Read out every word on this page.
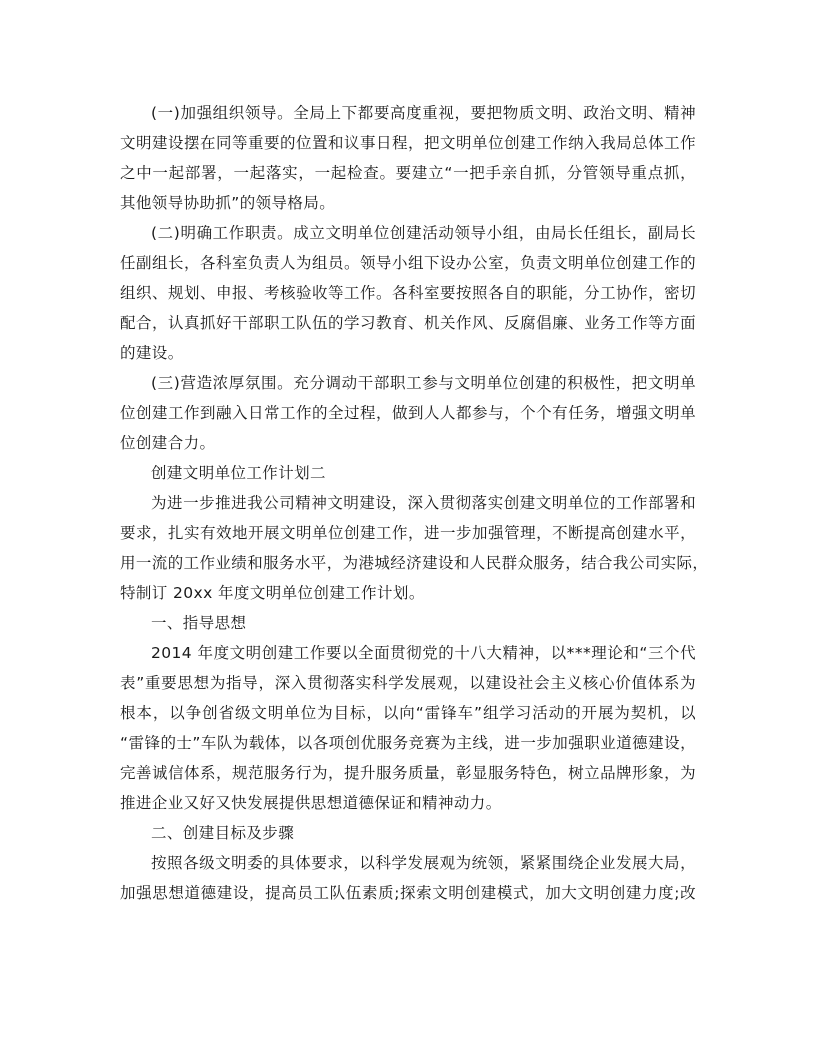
(一)加强组织领导。全局上下都要高度重视，要把物质文明、政治文明、精神
文明建设摆在同等重要的位置和议事日程，把文明单位创建工作纳入我局总体工作
之中一起部署，一起落实，一起检查。要建立“一把手亲自抓，分管领导重点抓，
其他领导协助抓”的领导格局。

(二)明确工作职责。成立文明单位创建活动领导小组，由局长任组长，副局长
任副组长，各科室负责人为组员。领导小组下设办公室，负责文明单位创建工作的
组织、规划、申报、考核验收等工作。各科室要按照各自的职能，分工协作，密切
配合，认真抓好干部职工队伍的学习教育、机关作风、反腐倡廉、业务工作等方面
的建设。

(三)营造浓厚氛围。充分调动干部职工参与文明单位创建的积极性，把文明单
位创建工作到融入日常工作的全过程，做到人人都参与，个个有任务，增强文明单
位创建合力。

创建文明单位工作计划二

为进一步推进我公司精神文明建设，深入贯彻落实创建文明单位的工作部署和
要求，扎实有效地开展文明单位创建工作，进一步加强管理，不断提高创建水平，
用一流的工作业绩和服务水平，为港城经济建设和人民群众服务，结合我公司实际，
特制订 20xx 年度文明单位创建工作计划。

一、指导思想

2014 年度文明创建工作要以全面贯彻党的十八大精神，以***理论和“三个代
表”重要思想为指导，深入贯彻落实科学发展观，以建设社会主义核心价值体系为
根本，以争创省级文明单位为目标，以向“雷锋车”组学习活动的开展为契机，以
“雷锋的士”车队为载体，以各项创优服务竞赛为主线，进一步加强职业道德建设，
完善诚信体系，规范服务行为，提升服务质量，彰显服务特色，树立品牌形象，为
推进企业又好又快发展提供思想道德保证和精神动力。

二、创建目标及步骤

按照各级文明委的具体要求，以科学发展观为统领，紧紧围绕企业发展大局，
加强思想道德建设，提高员工队伍素质;探索文明创建模式，加大文明创建力度;改
